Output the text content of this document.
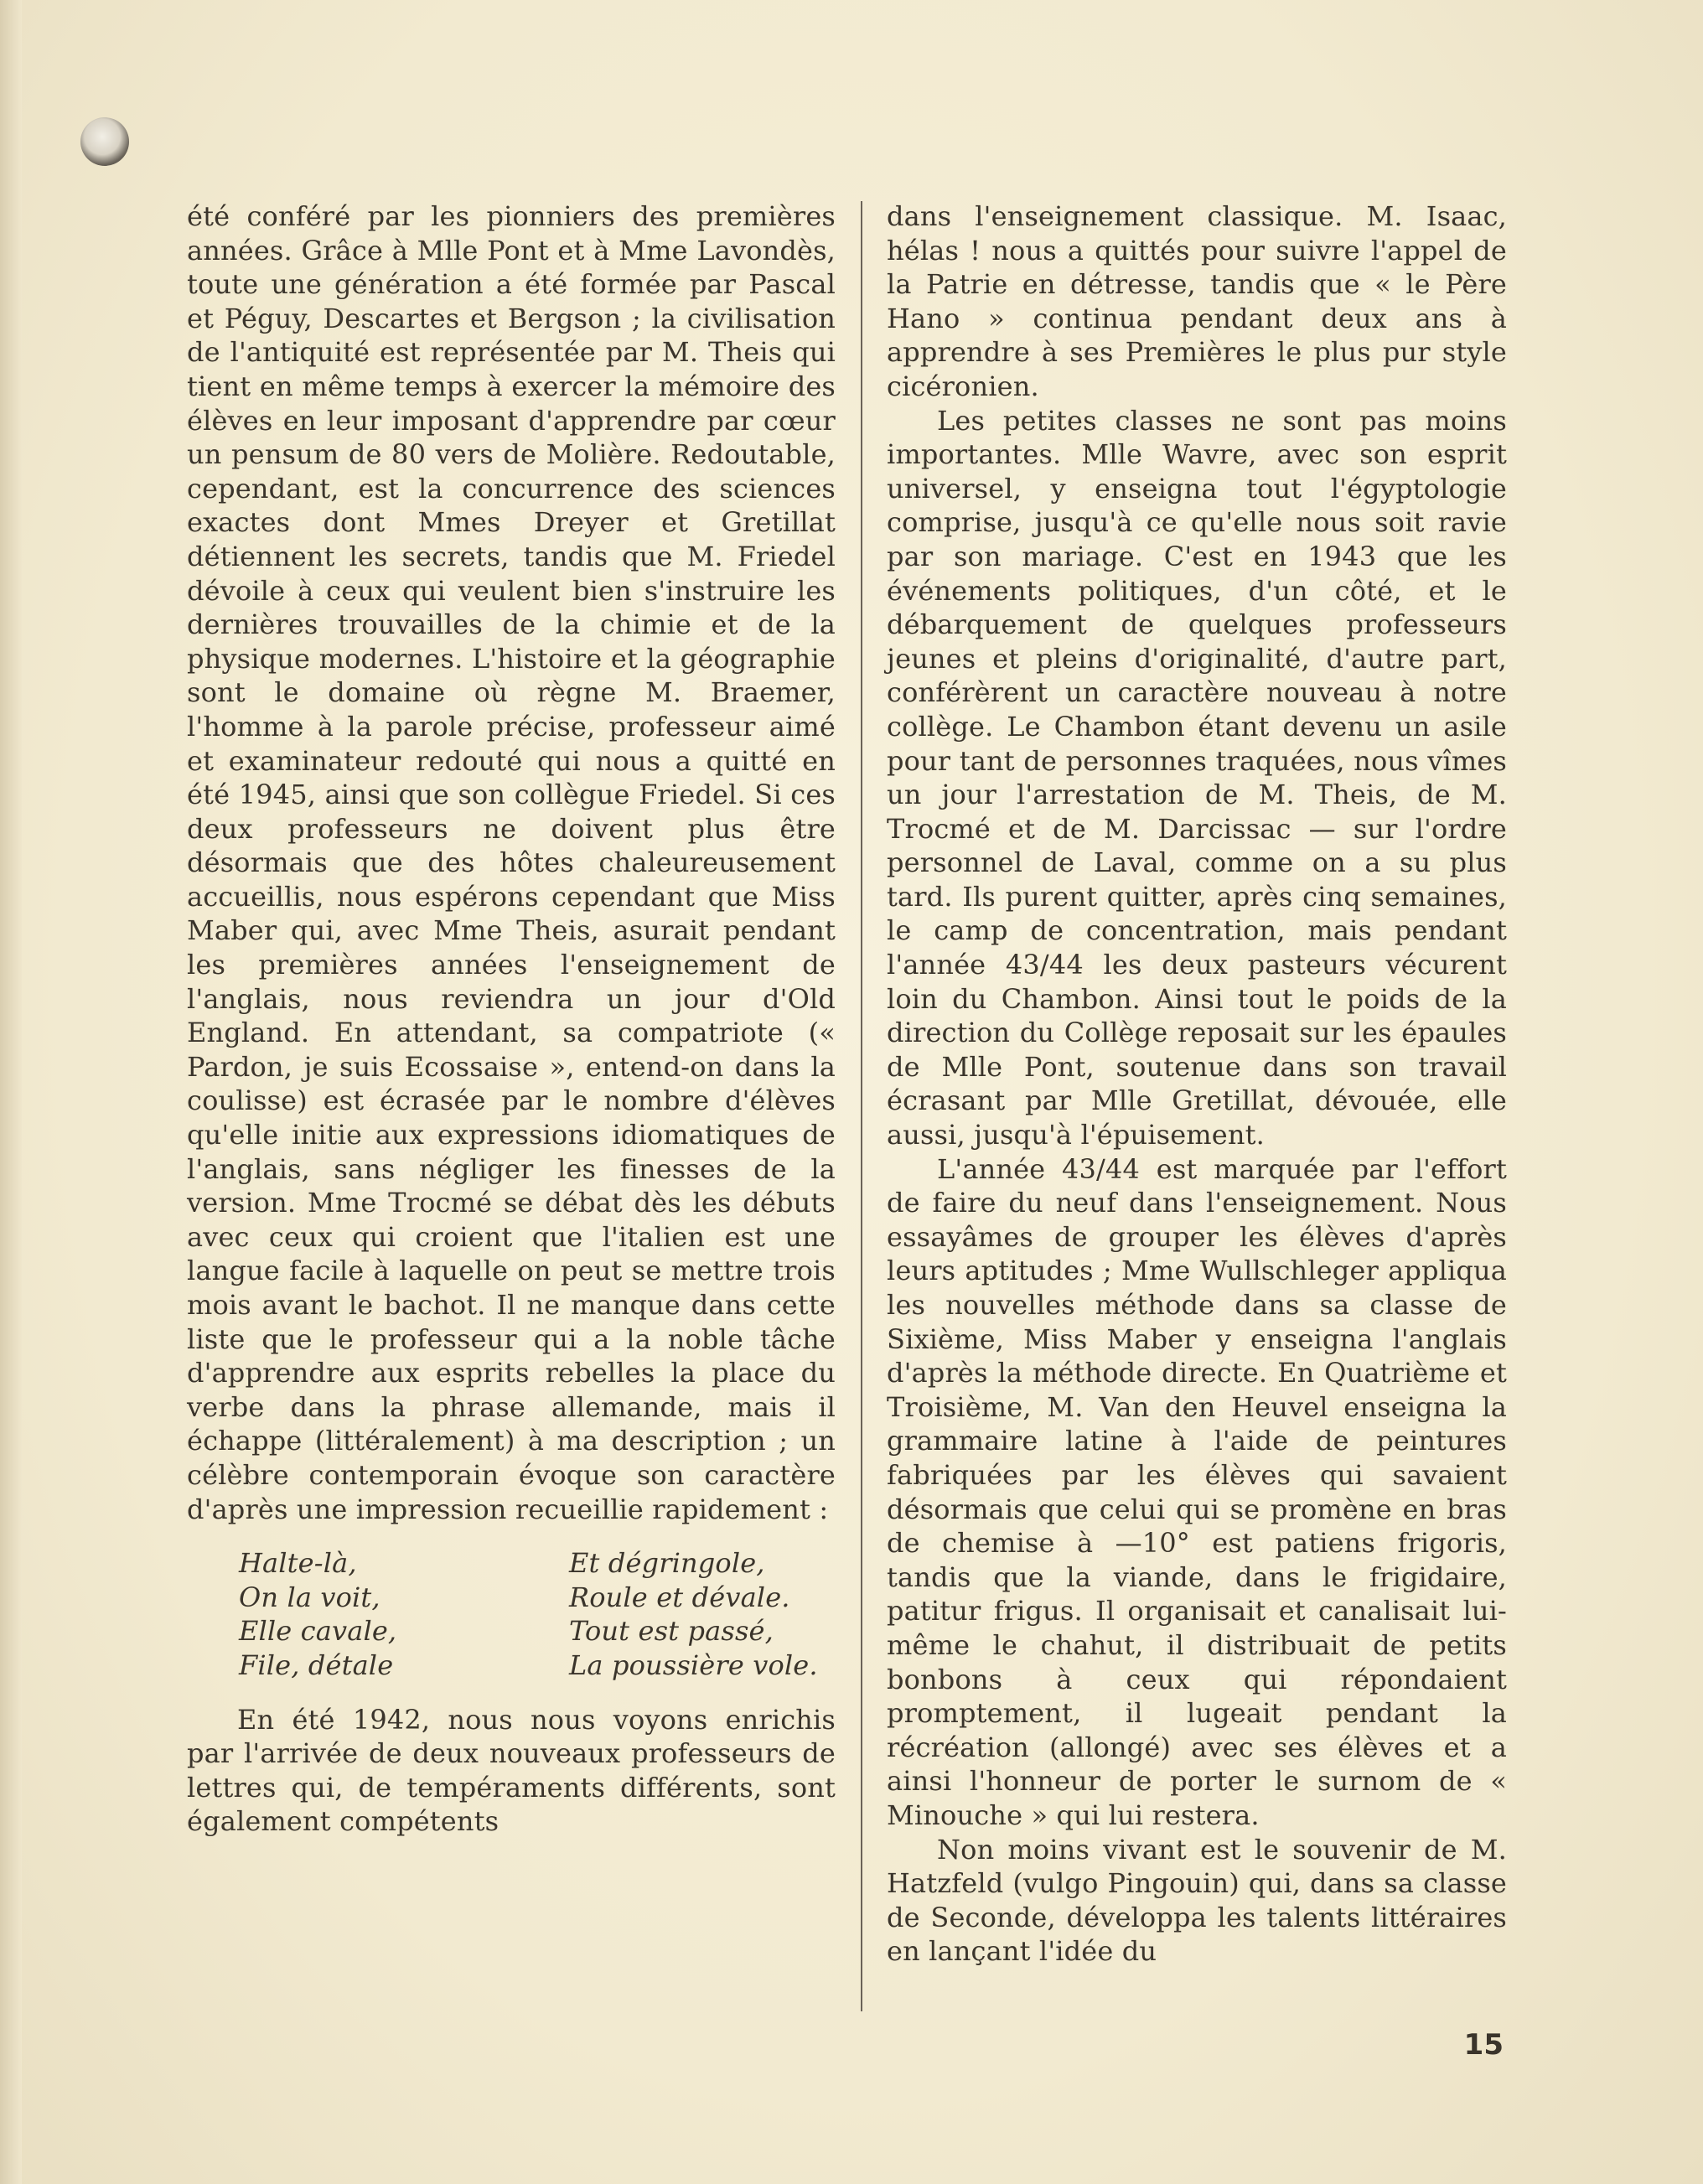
été conféré par les pionniers des premières années. Grâce à Mlle Pont et à Mme Lavondès, toute une génération a été formée par Pascal et Péguy, Descartes et Bergson ; la civilisation de l'antiquité est représentée par M. Theis qui tient en même temps à exercer la mémoire des élèves en leur imposant d'apprendre par cœur un pensum de 80 vers de Molière. Redoutable, cependant, est la concurrence des sciences exactes dont Mmes Dreyer et Gretillat détiennent les secrets, tandis que M. Friedel dévoile à ceux qui veulent bien s'instruire les dernières trouvailles de la chimie et de la physique modernes. L'histoire et la géographie sont le domaine où règne M. Braemer, l'homme à la parole précise, professeur aimé et examinateur redouté qui nous a quitté en été 1945, ainsi que son collègue Friedel. Si ces deux professeurs ne doivent plus être désormais que des hôtes chaleureusement accueillis, nous espérons cependant que Miss Maber qui, avec Mme Theis, asurait pendant les premières années l'enseignement de l'anglais, nous reviendra un jour d'Old England. En attendant, sa compatriote (« Pardon, je suis Ecossaise », entend-on dans la coulisse) est écrasée par le nombre d'élèves qu'elle initie aux expressions idiomatiques de l'anglais, sans négliger les finesses de la version. Mme Trocmé se débat dès les débuts avec ceux qui croient que l'italien est une langue facile à laquelle on peut se mettre trois mois avant le bachot. Il ne manque dans cette liste que le professeur qui a la noble tâche d'apprendre aux esprits rebelles la place du verbe dans la phrase allemande, mais il échappe (littéralement) à ma description ; un célèbre contemporain évoque son caractère d'après une impression recueillie rapidement :

Halte-là,	Et dégringole,
On la voit,	Roule et dévale.
Elle cavale,	Tout est passé,
File, détale	La poussière vole.

En été 1942, nous nous voyons enrichis par l'arrivée de deux nouveaux professeurs de lettres qui, de tempéraments différents, sont également compétents

dans l'enseignement classique. M. Isaac, hélas ! nous a quittés pour suivre l'appel de la Patrie en détresse, tandis que « le Père Hano » continua pendant deux ans à apprendre à ses Premières le plus pur style cicéronien.

Les petites classes ne sont pas moins importantes. Mlle Wavre, avec son esprit universel, y enseigna tout l'égyptologie comprise, jusqu'à ce qu'elle nous soit ravie par son mariage. C'est en 1943 que les événements politiques, d'un côté, et le débarquement de quelques professeurs jeunes et pleins d'originalité, d'autre part, conférèrent un caractère nouveau à notre collège. Le Chambon étant devenu un asile pour tant de personnes traquées, nous vîmes un jour l'arrestation de M. Theis, de M. Trocmé et de M. Darcissac — sur l'ordre personnel de Laval, comme on a su plus tard. Ils purent quitter, après cinq semaines, le camp de concentration, mais pendant l'année 43/44 les deux pasteurs vécurent loin du Chambon. Ainsi tout le poids de la direction du Collège reposait sur les épaules de Mlle Pont, soutenue dans son travail écrasant par Mlle Gretillat, dévouée, elle aussi, jusqu'à l'épuisement.

L'année 43/44 est marquée par l'effort de faire du neuf dans l'enseignement. Nous essayâmes de grouper les élèves d'après leurs aptitudes ; Mme Wullschleger appliqua les nouvelles méthode dans sa classe de Sixième, Miss Maber y enseigna l'anglais d'après la méthode directe. En Quatrième et Troisième, M. Van den Heuvel enseigna la grammaire latine à l'aide de peintures fabriquées par les élèves qui savaient désormais que celui qui se promène en bras de chemise à —10° est patiens frigoris, tandis que la viande, dans le frigidaire, patitur frigus. Il organisait et canalisait lui-même le chahut, il distribuait de petits bonbons à ceux qui répondaient promptement, il lugeait pendant la récréation (allongé) avec ses élèves et a ainsi l'honneur de porter le surnom de « Minouche » qui lui restera.

Non moins vivant est le souvenir de M. Hatzfeld (vulgo Pingouin) qui, dans sa classe de Seconde, développa les talents littéraires en lançant l'idée du

15
